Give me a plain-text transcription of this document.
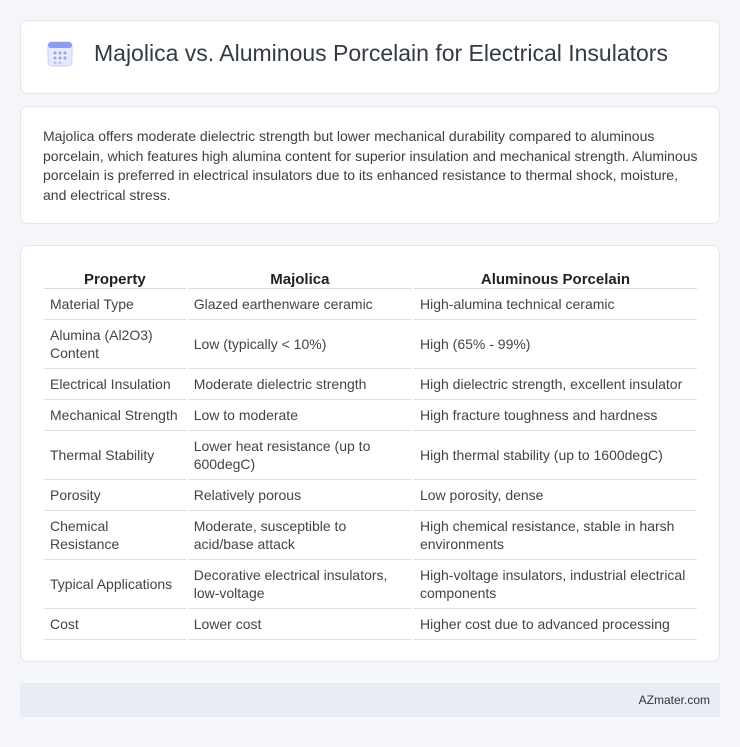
Majolica vs. Aluminous Porcelain for Electrical Insulators

Majolica offers moderate dielectric strength but lower mechanical durability compared to aluminous porcelain, which features high alumina content for superior insulation and mechanical strength. Aluminous porcelain is preferred in electrical insulators due to its enhanced resistance to thermal shock, moisture, and electrical stress.

Property	Majolica	Aluminous Porcelain
Material Type	Glazed earthenware ceramic	High-alumina technical ceramic
Alumina (Al2O3) Content	Low (typically < 10%)	High (65% - 99%)
Electrical Insulation	Moderate dielectric strength	High dielectric strength, excellent insulator
Mechanical Strength	Low to moderate	High fracture toughness and hardness
Thermal Stability	Lower heat resistance (up to 600degC)	High thermal stability (up to 1600degC)
Porosity	Relatively porous	Low porosity, dense
Chemical Resistance	Moderate, susceptible to acid/base attack	High chemical resistance, stable in harsh environments
Typical Applications	Decorative electrical insulators, low-voltage	High-voltage insulators, industrial electrical components
Cost	Lower cost	Higher cost due to advanced processing
AZmater.com
